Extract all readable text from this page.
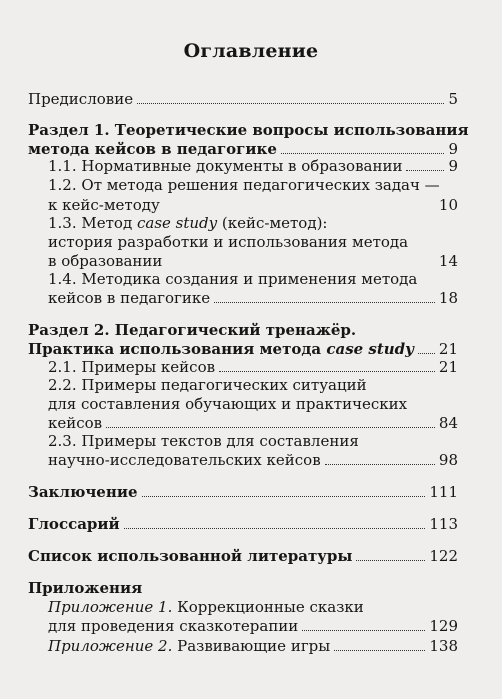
Оглавление
Предисловие	5
Раздел 1. Теоретические вопросы использования
метода кейсов в педагогике	9
1.1. Нормативные документы в образовании	9
1.2. От метода решения педагогических задач —
к кейс-методу	10
1.3. Метод case study (кейс-метод):
история разработки и использования метода
в образовании	14
1.4. Методика создания и применения метода
кейсов в педагогике	18
Раздел 2. Педагогический тренажёр.
Практика использования метода case study 21
2.1. Примеры кейсов	21
2.2. Примеры педагогических ситуаций
для составления обучающих и практических
кейсов	84
2.3. Примеры текстов для составления
научно-исследовательских кейсов	98
Заключение	111
Глоссарий	113
Список использованной литературы	122
Приложения
Приложение 1. Коррекционные сказки
для проведения сказкотерапии	129
Приложение 2. Развивающие игры	138
